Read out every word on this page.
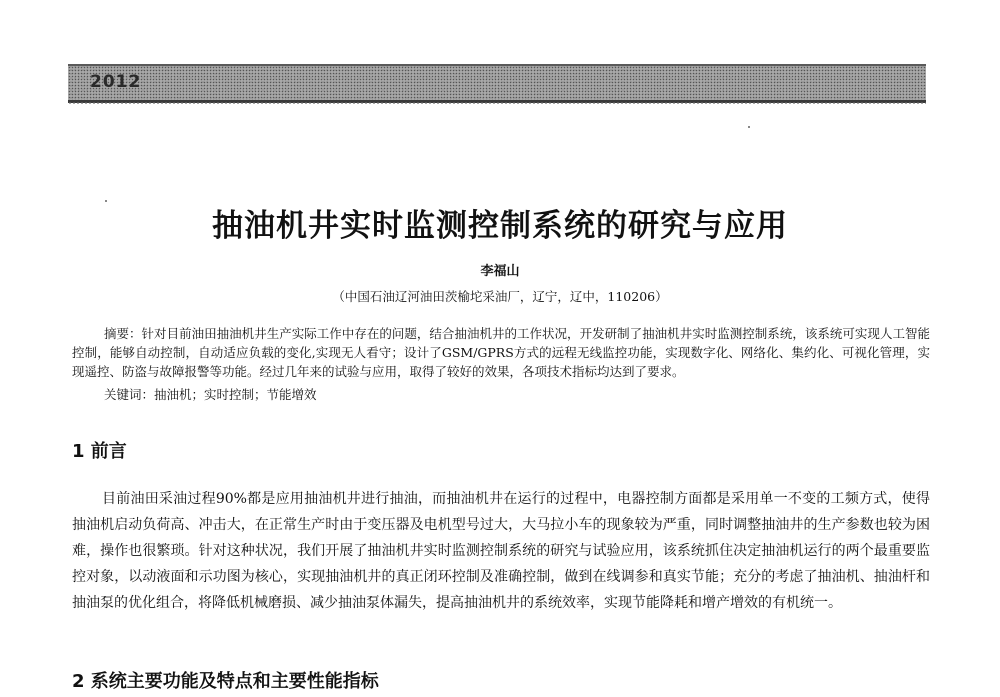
2012
抽油机井实时监测控制系统的研究与应用
李福山
（中国石油辽河油田茨榆坨采油厂，辽宁，辽中，110206）

摘要：针对目前油田抽油机井生产实际工作中存在的问题，结合抽油机井的工作状况，开发研制了抽油机井实时监测控制系统，该系统可实现人工智能控制，能够自动控制，自动适应负载的变化,实现无人看守；设计了GSM/GPRS方式的远程无线监控功能，实现数字化、网络化、集约化、可视化管理，实现遥控、防盗与故障报警等功能。经过几年来的试验与应用，取得了较好的效果，各项技术指标均达到了要求。

关键词：抽油机；实时控制；节能增效
1 前言

目前油田采油过程90%都是应用抽油机井进行抽油，而抽油机井在运行的过程中，电器控制方面都是采用单一不变的工频方式，使得抽油机启动负荷高、冲击大，在正常生产时由于变压器及电机型号过大，大马拉小车的现象较为严重，同时调整抽油井的生产参数也较为困难，操作也很繁琐。针对这种状况，我们开展了抽油机井实时监测控制系统的研究与试验应用，该系统抓住决定抽油机运行的两个最重要监控对象，以动液面和示功图为核心，实现抽油机井的真正闭环控制及准确控制，做到在线调参和真实节能；充分的考虑了抽油机、抽油杆和抽油泵的优化组合，将降低机械磨损、减少抽油泵体漏失，提高抽油机井的系统效率，实现节能降耗和增产增效的有机统一。

2 系统主要功能及特点和主要性能指标
